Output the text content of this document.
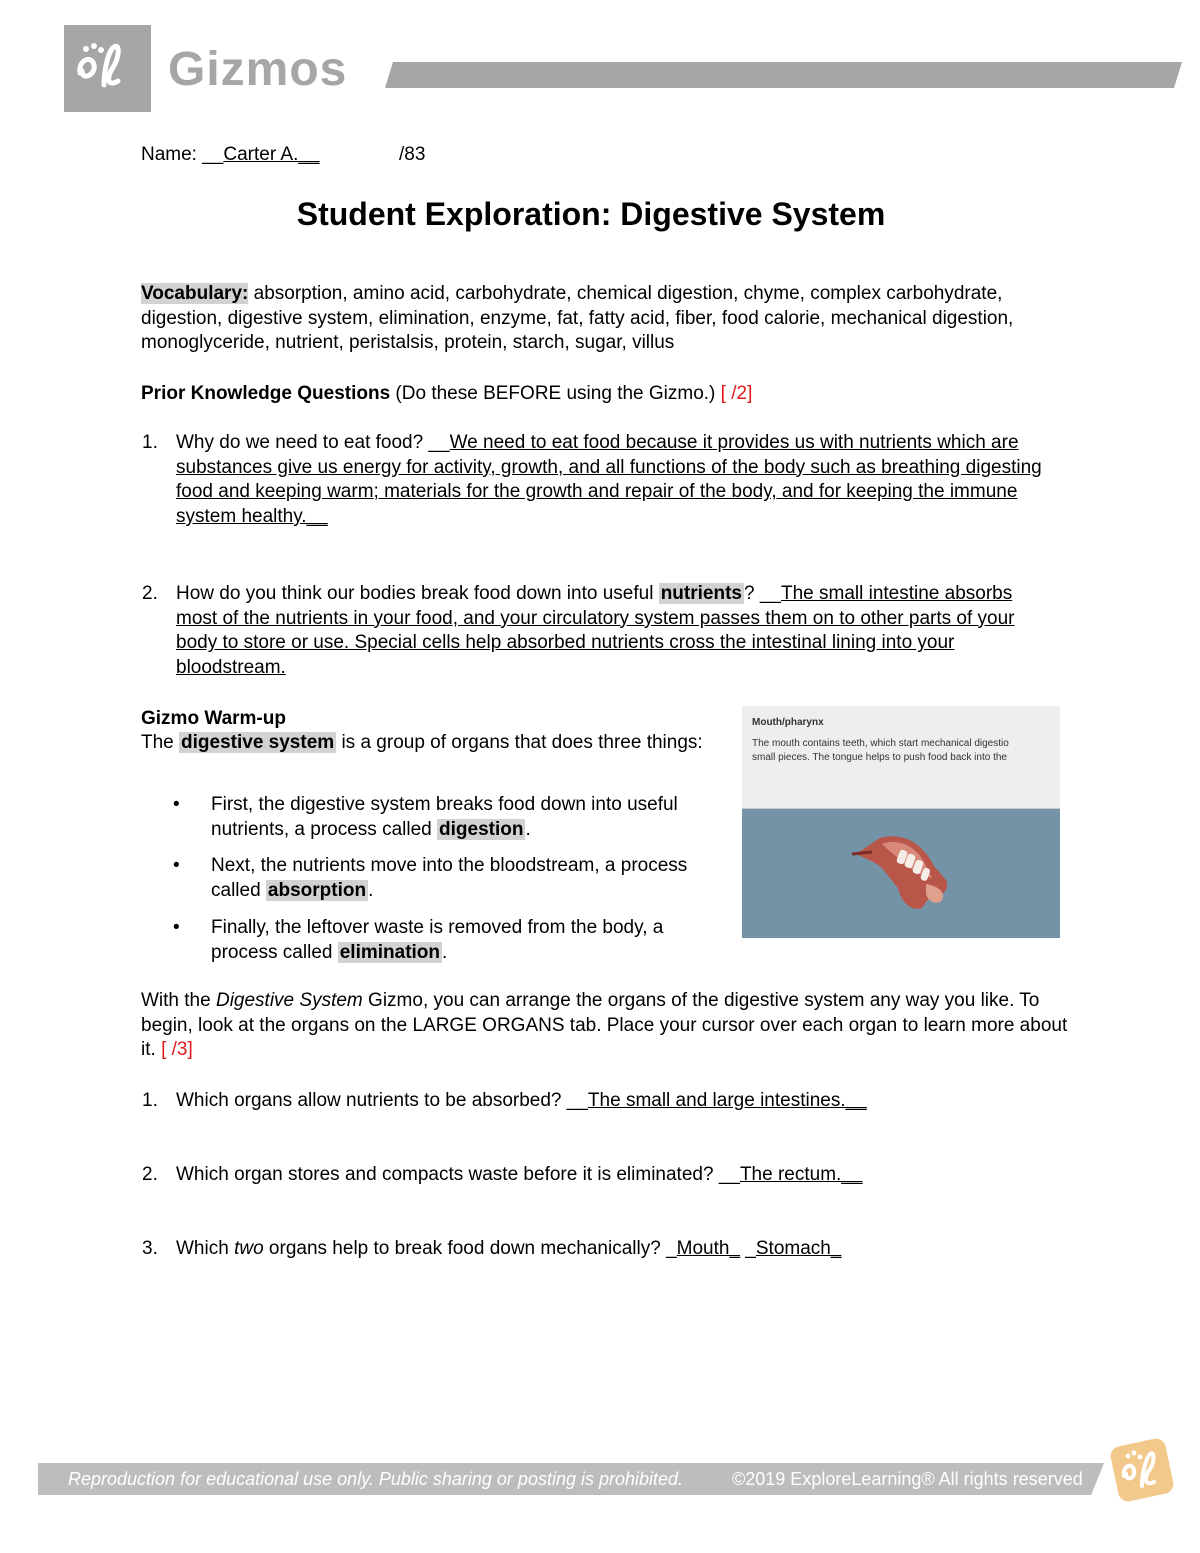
Gizmos
Name: __Carter A.__	/83
Student Exploration: Digestive System
Vocabulary: absorption, amino acid, carbohydrate, chemical digestion, chyme, complex carbohydrate, digestion, digestive system, elimination, enzyme, fat, fatty acid, fiber, food calorie, mechanical digestion, monoglyceride, nutrient, peristalsis, protein, starch, sugar, villus
Prior Knowledge Questions (Do these BEFORE using the Gizmo.) [ /2]
1. Why do we need to eat food? __We need to eat food because it provides us with nutrients which are substances give us energy for activity, growth, and all functions of the body such as breathing digesting food and keeping warm; materials for the growth and repair of the body, and for keeping the immune system healthy.__
2. How do you think our bodies break food down into useful nutrients ? __The small intestine absorbs most of the nutrients in your food, and your circulatory system passes them on to other parts of your body to store or use. Special cells help absorbed nutrients cross the intestinal lining into your bloodstream.
Gizmo Warm-up
The digestive system is a group of organs that does three things:
• First, the digestive system breaks food down into useful nutrients, a process called digestion .
• Next, the nutrients move into the bloodstream, a process called absorption .
• Finally, the leftover waste is removed from the body, a process called elimination .
Mouth/pharynx
The mouth contains teeth, which start mechanical digestio
small pieces. The tongue helps to push food back into the
With the Digestive System Gizmo, you can arrange the organs of the digestive system any way you like. To begin, look at the organs on the LARGE ORGANS tab. Place your cursor over each organ to learn more about it. [ /3]
1. Which organs allow nutrients to be absorbed? __The small and large intestines.__
2. Which organ stores and compacts waste before it is eliminated? __The rectum.__
3. Which two organs help to break food down mechanically? _Mouth_ _Stomach_
Reproduction for educational use only. Public sharing or posting is prohibited.	©2019 ExploreLearning® All rights reserved
